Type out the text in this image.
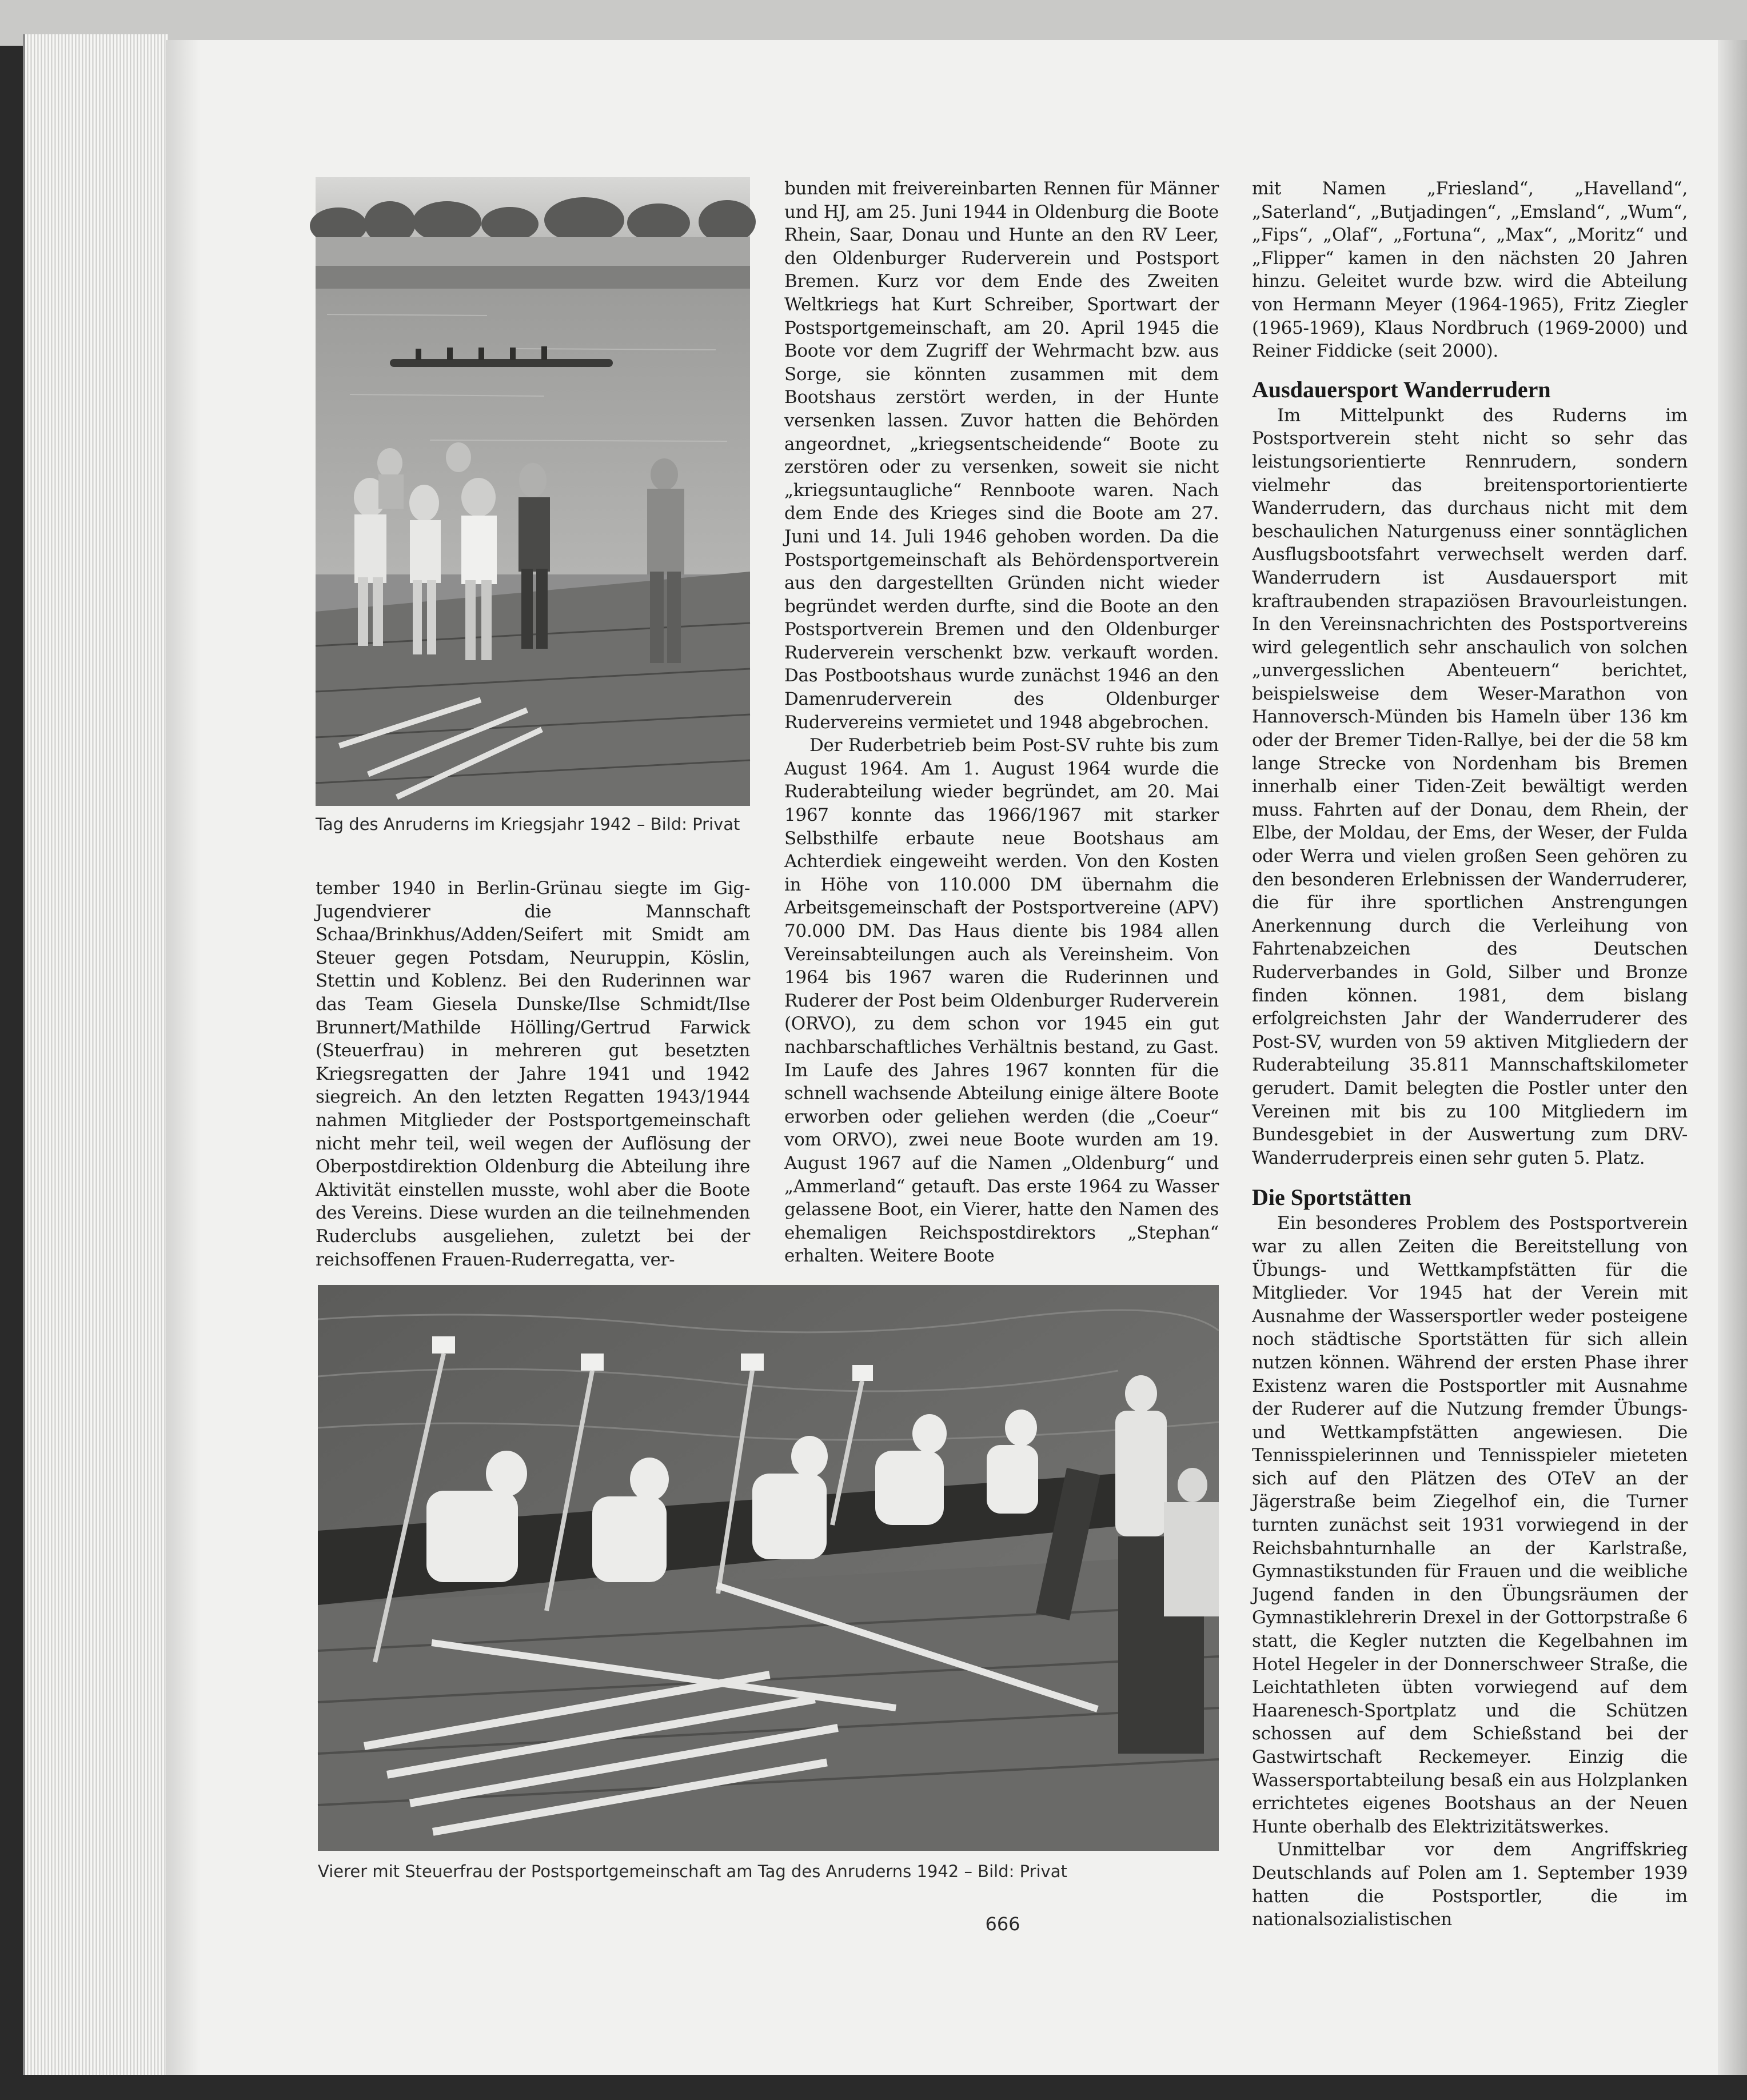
Tag des Anruderns im Kriegsjahr 1942 – Bild: Privat

tember 1940 in Berlin-Grünau siegte im Gig-Jugendvierer die Mannschaft Schaa/Brinkhus/Adden/Seifert mit Smidt am Steuer gegen Potsdam, Neuruppin, Köslin, Stettin und Koblenz. Bei den Ruderinnen war das Team Giesela Dunske/Ilse Schmidt/Ilse Brunnert/Mathilde Hölling/Gertrud Farwick (Steuerfrau) in mehreren gut besetzten Kriegsregatten der Jahre 1941 und 1942 siegreich. An den letzten Regatten 1943/1944 nahmen Mitglieder der Postsportgemeinschaft nicht mehr teil, weil wegen der Auflösung der Oberpostdirektion Oldenburg die Abteilung ihre Aktivität einstellen musste, wohl aber die Boote des Vereins. Diese wurden an die teilnehmenden Ruderclubs ausgeliehen, zuletzt bei der reichsoffenen Frauen-Ruderregatta, ver-

bunden mit freivereinbarten Rennen für Männer und HJ, am 25. Juni 1944 in Oldenburg die Boote Rhein, Saar, Donau und Hunte an den RV Leer, den Oldenburger Ruderverein und Postsport Bremen. Kurz vor dem Ende des Zweiten Weltkriegs hat Kurt Schreiber, Sportwart der Postsportgemeinschaft, am 20. April 1945 die Boote vor dem Zugriff der Wehrmacht bzw. aus Sorge, sie könnten zusammen mit dem Bootshaus zerstört werden, in der Hunte versenken lassen. Zuvor hatten die Behörden angeordnet, „kriegsentscheidende“ Boote zu zerstören oder zu versenken, soweit sie nicht „kriegsuntaugliche“ Rennboote waren. Nach dem Ende des Krieges sind die Boote am 27. Juni und 14. Juli 1946 gehoben worden. Da die Postsportgemeinschaft als Behördensportverein aus den dargestellten Gründen nicht wieder begründet werden durfte, sind die Boote an den Postsportverein Bremen und den Oldenburger Ruderverein verschenkt bzw. verkauft worden. Das Postbootshaus wurde zunächst 1946 an den Damenruderverein des Oldenburger Rudervereins vermietet und 1948 abgebrochen.

Der Ruderbetrieb beim Post-SV ruhte bis zum August 1964. Am 1. August 1964 wurde die Ruderabteilung wieder begründet, am 20. Mai 1967 konnte das 1966/1967 mit starker Selbsthilfe erbaute neue Bootshaus am Achterdiek eingeweiht werden. Von den Kosten in Höhe von 110.000 DM übernahm die Arbeitsgemeinschaft der Postsportvereine (APV) 70.000 DM. Das Haus diente bis 1984 allen Vereinsabteilungen auch als Vereinsheim. Von 1964 bis 1967 waren die Ruderinnen und Ruderer der Post beim Oldenburger Ruderverein (ORVO), zu dem schon vor 1945 ein gut nachbarschaftliches Verhältnis bestand, zu Gast. Im Laufe des Jahres 1967 konnten für die schnell wachsende Abteilung einige ältere Boote erworben oder geliehen werden (die „Coeur“ vom ORVO), zwei neue Boote wurden am 19. August 1967 auf die Namen „Oldenburg“ und „Ammerland“ getauft. Das erste 1964 zu Wasser gelassene Boot, ein Vierer, hatte den Namen des ehemaligen Reichspostdirektors „Stephan“ erhalten. Weitere Boote

mit Namen „Friesland“, „Havelland“, „Saterland“, „Butjadingen“, „Emsland“, „Wum“, „Fips“, „Olaf“, „Fortuna“, „Max“, „Moritz“ und „Flipper“ kamen in den nächsten 20 Jahren hinzu. Geleitet wurde bzw. wird die Abteilung von Hermann Meyer (1964-1965), Fritz Ziegler (1965-1969), Klaus Nordbruch (1969-2000) und Reiner Fiddicke (seit 2000).

Ausdauersport Wanderrudern

Im Mittelpunkt des Ruderns im Postsportverein steht nicht so sehr das leistungsorientierte Rennrudern, sondern vielmehr das breitensportorientierte Wanderrudern, das durchaus nicht mit dem beschaulichen Naturgenuss einer sonntäglichen Ausflugsbootsfahrt verwechselt werden darf. Wanderrudern ist Ausdauersport mit kraftraubenden strapaziösen Bravourleistungen. In den Vereinsnachrichten des Postsportvereins wird gelegentlich sehr anschaulich von solchen „unvergesslichen Abenteuern“ berichtet, beispielsweise dem Weser-Marathon von Hannoversch-Münden bis Hameln über 136 km oder der Bremer Tiden-Rallye, bei der die 58 km lange Strecke von Nordenham bis Bremen innerhalb einer Tiden-Zeit bewältigt werden muss. Fahrten auf der Donau, dem Rhein, der Elbe, der Moldau, der Ems, der Weser, der Fulda oder Werra und vielen großen Seen gehören zu den besonderen Erlebnissen der Wanderruderer, die für ihre sportlichen Anstrengungen Anerkennung durch die Verleihung von Fahrtenabzeichen des Deutschen Ruderverbandes in Gold, Silber und Bronze finden können. 1981, dem bislang erfolgreichsten Jahr der Wanderruderer des Post-SV, wurden von 59 aktiven Mitgliedern der Ruderabteilung 35.811 Mannschaftskilometer gerudert. Damit belegten die Postler unter den Vereinen mit bis zu 100 Mitgliedern im Bundesgebiet in der Auswertung zum DRV-Wanderruderpreis einen sehr guten 5. Platz.

Die Sportstätten

Ein besonderes Problem des Postsportverein war zu allen Zeiten die Bereitstellung von Übungs- und Wettkampfstätten für die Mitglieder. Vor 1945 hat der Verein mit Ausnahme der Wassersportler weder posteigene noch städtische Sportstätten für sich allein nutzen können. Während der ersten Phase ihrer Existenz waren die Postsportler mit Ausnahme der Ruderer auf die Nutzung fremder Übungs- und Wettkampfstätten angewiesen. Die Tennisspielerinnen und Tennisspieler mieteten sich auf den Plätzen des OTeV an der Jägerstraße beim Ziegelhof ein, die Turner turnten zunächst seit 1931 vorwiegend in der Reichsbahnturnhalle an der Karlstraße, Gymnastikstunden für Frauen und die weibliche Jugend fanden in den Übungsräumen der Gymnastiklehrerin Drexel in der Gottorpstraße 6 statt, die Kegler nutzten die Kegelbahnen im Hotel Hegeler in der Donnerschweer Straße, die Leichtathleten übten vorwiegend auf dem Haarenesch-Sportplatz und die Schützen schossen auf dem Schießstand bei der Gastwirtschaft Reckemeyer. Einzig die Wassersportabteilung besaß ein aus Holzplanken errichtetes eigenes Bootshaus an der Neuen Hunte oberhalb des Elektrizitätswerkes.

Unmittelbar vor dem Angriffskrieg Deutschlands auf Polen am 1. September 1939 hatten die Postsportler, die im nationalsozialistischen

Vierer mit Steuerfrau der Postsportgemeinschaft am Tag des Anruderns 1942 – Bild: Privat

666
